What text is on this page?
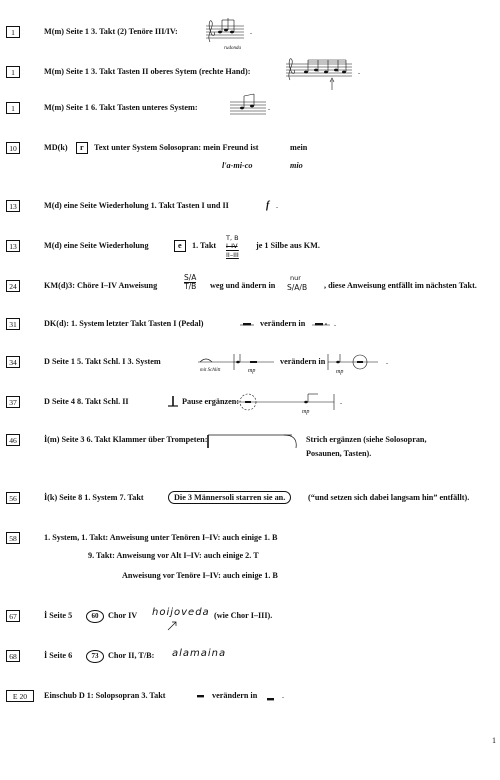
1	M(m) Seite 1 3. Takt (2) Tenöre III/IV:
rudonda
.
1	M(m) Seite 1 3. Takt Tasten II oberes Sytem (rechte Hand):	.
1	M(m) Seite 1 6. Takt Tasten unteres System:	.
10	MD(k)	r	Text unter System Solosopran: mein Freund ist	mein
l'a-mi-co	mio
13	M(d) eine Seite Wiederholung 1. Takt Tasten I und II	f .
13	M(d) eine Seite Wiederholung	e	1. Takt
T, B
I–IV
II–III
je 1 Silbe aus KM.
24	KM(d)3: Chöre I–IV Anweisung	$\frac{S/A}{T/B}$ weg und ändern in
nur
S/A/B , diese Anweisung entfällt im nächsten Takt.
31	DK(d): 1. System letzter Takt Tasten I (Pedal)	verändern in	.
34	D Seite 1 5. Takt Schl. I 3. System
mit Schlitt	mp
verändern in
mp
.
37	D Seite 4 8. Takt Schl. II	Pause ergänzen:
mp
.
46	İ(m) Seite 3 6. Takt Klammer über Trompeten:	Strich ergänzen (siehe Solosopran,
Posaunen, Tasten).
56	İ(k) Seite 8 1. System 7. Takt	Die 3 Männersoli starren sie an.	(“und setzen sich dabei langsam hin” entfällt).
58	1. System, 1. Takt: Anweisung unter Tenören I–IV: auch einige 1. B
9. Takt: Anweisung vor Alt I–IV: auch einige 2. T
Anweisung vor Tenöre I–IV: auch einige 1. B
67	İ Seite 5	60	Chor IV hoijoveda (wie Chor I–III).
68	İ Seite 6	73	Chor II, T/B: alamaina
E 20	Einschub D 1: Solopsopran 3. Takt	verändern in	.
1
